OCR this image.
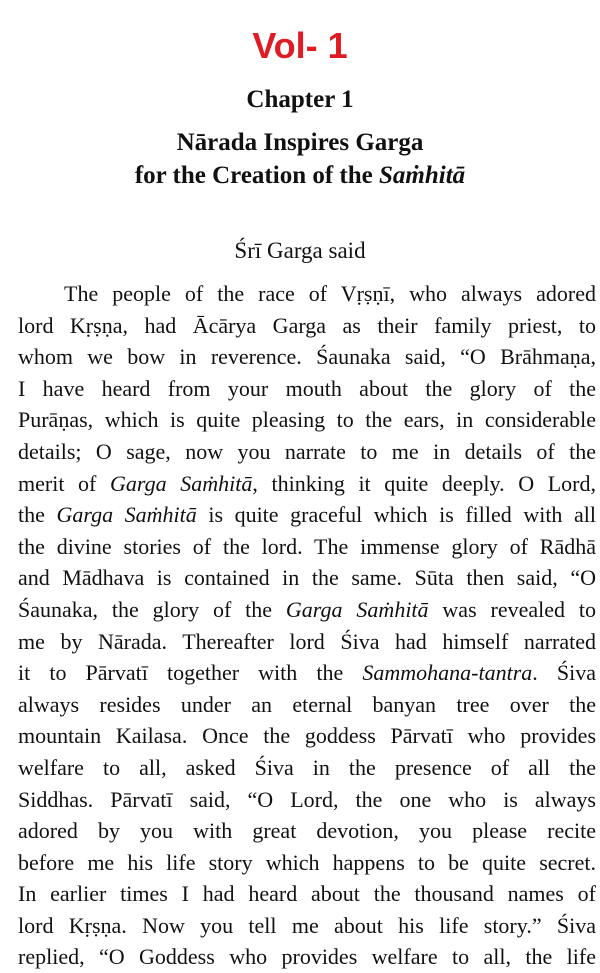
Vol- 1
Chapter 1
Nārada Inspires Garga
for the Creation of the Saṁhitā
Śrī Garga said
The people of the race of Vṛṣṇī, who always adored
lord Kṛṣṇa, had Ācārya Garga as their family priest, to
whom we bow in reverence. Śaunaka said, “O Brāhmaṇa,
I have heard from your mouth about the glory of the
Purāṇas, which is quite pleasing to the ears, in considerable
details; O sage, now you narrate to me in details of the
merit of Garga Saṁhitā, thinking it quite deeply. O Lord,
the Garga Saṁhitā is quite graceful which is filled with all
the divine stories of the lord. The immense glory of Rādhā
and Mādhava is contained in the same. Sūta then said, “O
Śaunaka, the glory of the Garga Saṁhitā was revealed to
me by Nārada. Thereafter lord Śiva had himself narrated
it to Pārvatī together with the Sammohana-tantra. Śiva
always resides under an eternal banyan tree over the
mountain Kailasa. Once the goddess Pārvatī who provides
welfare to all, asked Śiva in the presence of all the
Siddhas. Pārvatī said, “O Lord, the one who is always
adored by you with great devotion, you please recite
before me his life story which happens to be quite secret.
In earlier times I had heard about the thousand names of
lord Kṛṣṇa. Now you tell me about his life story.” Śiva
replied, “O Goddess who provides welfare to all, the life
